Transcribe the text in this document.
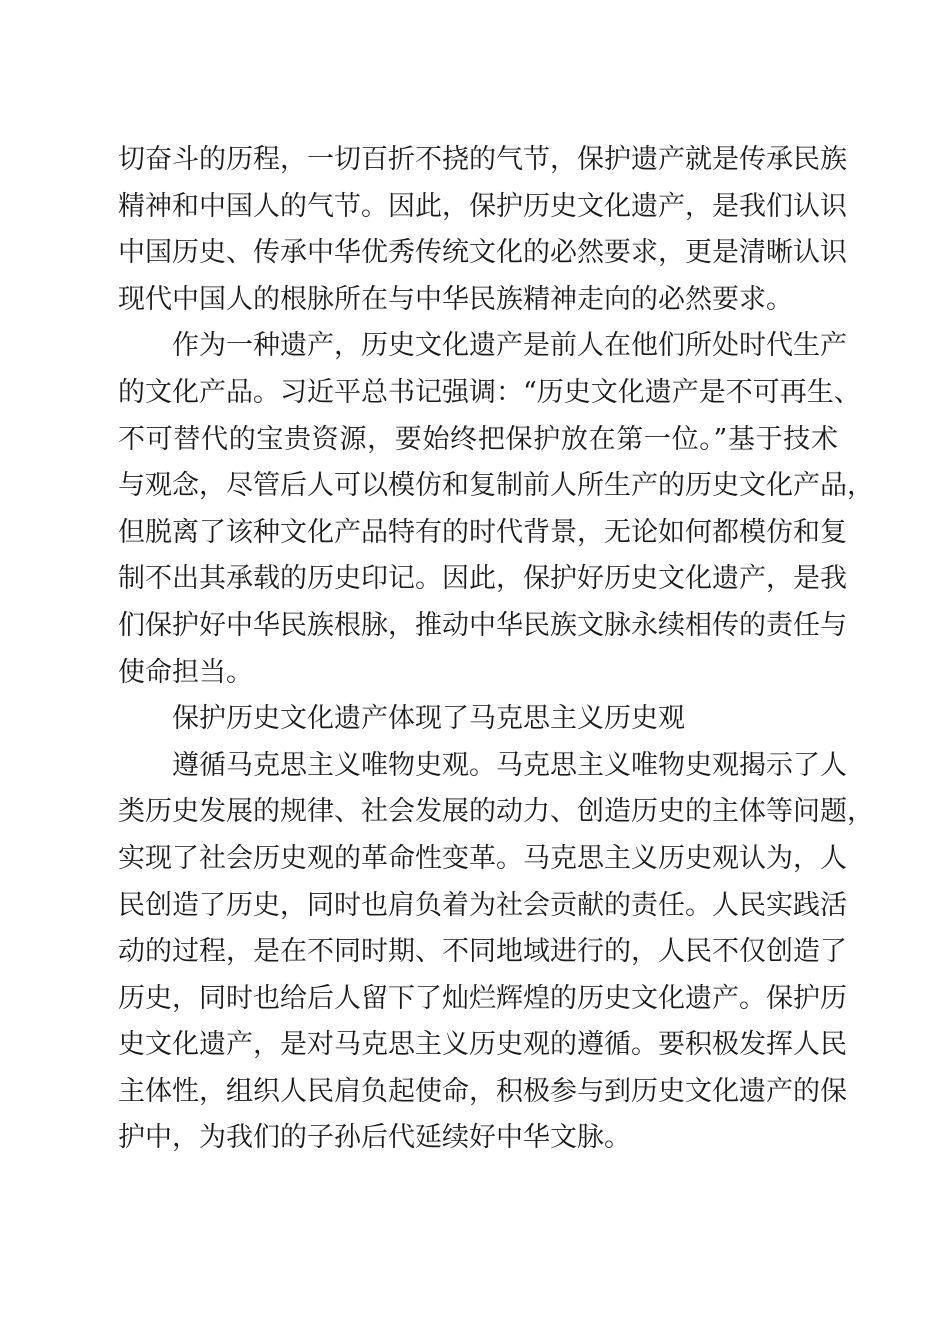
切奋斗的历程，一切百折不挠的气节，保护遗产就是传承民族
精神和中国人的气节。因此，保护历史文化遗产，是我们认识
中国历史、传承中华优秀传统文化的必然要求，更是清晰认识
现代中国人的根脉所在与中华民族精神走向的必然要求。
作为一种遗产，历史文化遗产是前人在他们所处时代生产
的文化产品。习近平总书记强调：“历史文化遗产是不可再生、
不可替代的宝贵资源，要始终把保护放在第一位。”基于技术
与观念，尽管后人可以模仿和复制前人所生产的历史文化产品，
但脱离了该种文化产品特有的时代背景，无论如何都模仿和复
制不出其承载的历史印记。因此，保护好历史文化遗产，是我
们保护好中华民族根脉，推动中华民族文脉永续相传的责任与
使命担当。
保护历史文化遗产体现了马克思主义历史观
遵循马克思主义唯物史观。马克思主义唯物史观揭示了人
类历史发展的规律、社会发展的动力、创造历史的主体等问题，
实现了社会历史观的革命性变革。马克思主义历史观认为，人
民创造了历史，同时也肩负着为社会贡献的责任。人民实践活
动的过程，是在不同时期、不同地域进行的，人民不仅创造了
历史，同时也给后人留下了灿烂辉煌的历史文化遗产。保护历
史文化遗产，是对马克思主义历史观的遵循。要积极发挥人民
主体性，组织人民肩负起使命，积极参与到历史文化遗产的保
护中，为我们的子孙后代延续好中华文脉。
